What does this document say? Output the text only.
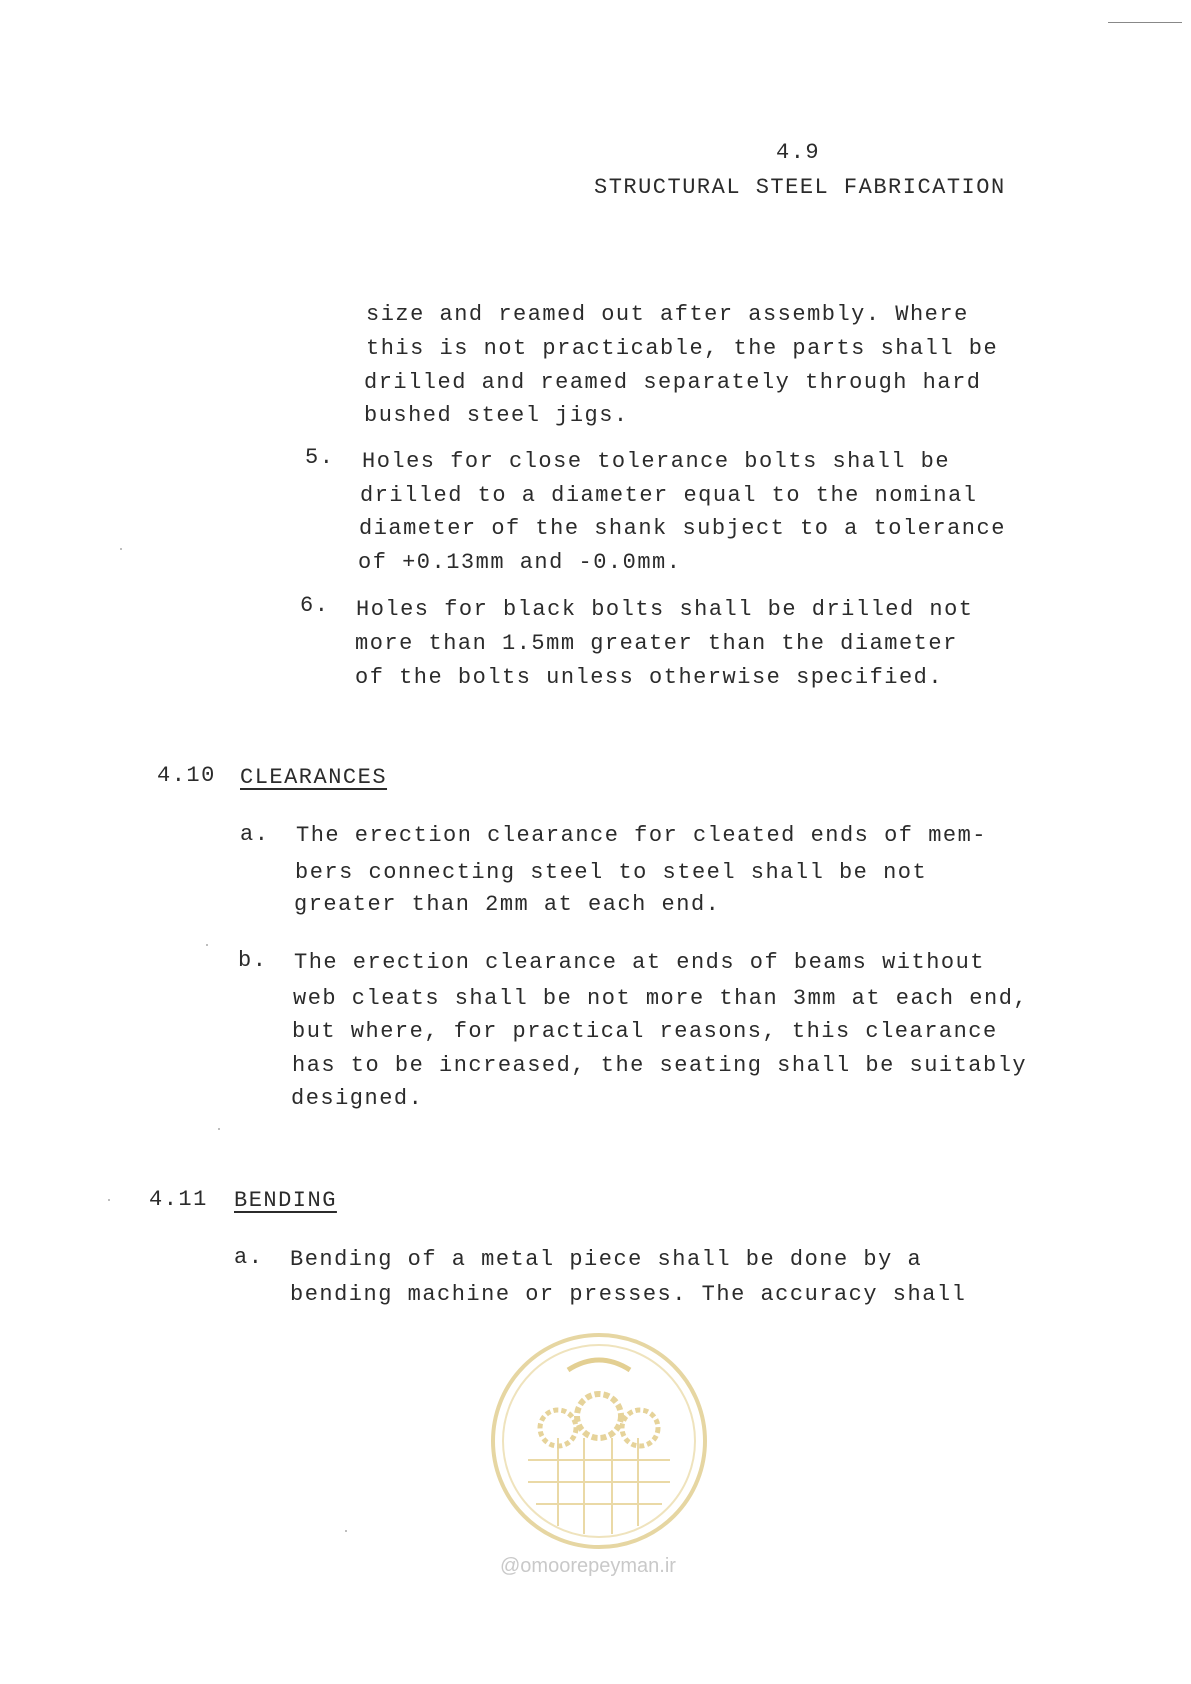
4.9
STRUCTURAL STEEL FABRICATION
size and reamed out after assembly. Where
this is not practicable, the parts shall be
drilled and reamed separately through hard
bushed steel jigs.
5. Holes for close tolerance bolts shall be
drilled to a diameter equal to the nominal
diameter of the shank subject to a tolerance
of +0.13mm and -0.0mm.
6. Holes for black bolts shall be drilled not
more than 1.5mm greater than the diameter
of the bolts unless otherwise specified.
4.10 CLEARANCES
a. The erection clearance for cleated ends of mem-
bers connecting steel to steel shall be not
greater than 2mm at each end.
b. The erection clearance at ends of beams without
web cleats shall be not more than 3mm at each end,
but where, for practical reasons, this clearance
has to be increased, the seating shall be suitably
designed.
4.11 BENDING
a. Bending of a metal piece shall be done by a
bending machine or presses. The accuracy shall
@omoorepeyman.ir
